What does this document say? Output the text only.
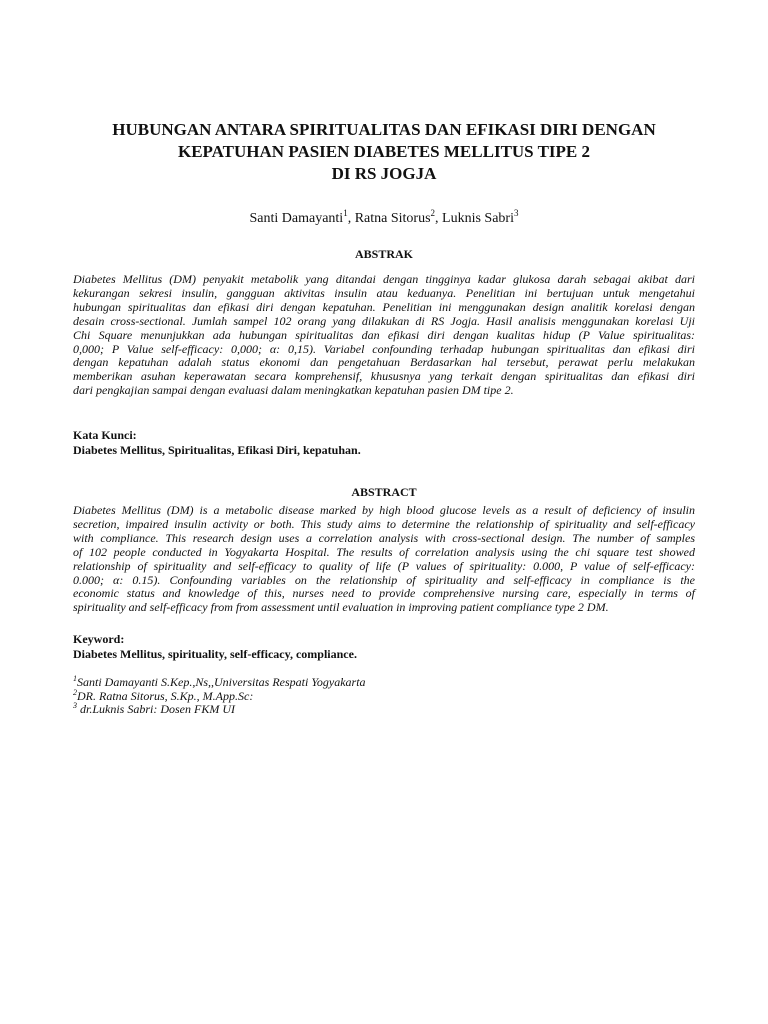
HUBUNGAN ANTARA SPIRITUALITAS DAN EFIKASI DIRI DENGAN
KEPATUHAN PASIEN DIABETES MELLITUS TIPE 2
DI RS JOGJA
Santi Damayanti$^1$, Ratna Sitorus$^2$, Luknis Sabri$^3$
ABSTRAK
Diabetes Mellitus (DM) penyakit metabolik yang ditandai dengan tingginya kadar glukosa darah sebagai akibat dari
kekurangan sekresi insulin, gangguan aktivitas insulin atau keduanya. Penelitian ini bertujuan untuk mengetahui
hubungan spiritualitas dan efikasi diri dengan kepatuhan. Penelitian ini menggunakan design analitik korelasi dengan
desain cross-sectional. Jumlah sampel 102 orang yang dilakukan di RS Jogja. Hasil analisis menggunakan korelasi Uji
Chi Square menunjukkan ada hubungan spiritualitas dan efikasi diri dengan kualitas hidup (P Value spiritualitas:
0,000; P Value self-efficacy: 0,000; α: 0,15). Variabel confounding terhadap hubungan spiritualitas dan efikasi diri
dengan kepatuhan adalah status ekonomi dan pengetahuan Berdasarkan hal tersebut, perawat perlu melakukan
memberikan asuhan keperawatan secara komprehensif, khususnya yang terkait dengan spiritualitas dan efikasi diri
dari pengkajian sampai dengan evaluasi dalam meningkatkan kepatuhan pasien DM tipe 2.
Kata Kunci:
Diabetes Mellitus, Spiritualitas, Efikasi Diri, kepatuhan.
ABSTRACT
Diabetes Mellitus (DM) is a metabolic disease marked by high blood glucose levels as a result of deficiency of insulin
secretion, impaired insulin activity or both. This study aims to determine the relationship of spirituality and self-efficacy
with compliance. This research design uses a correlation analysis with cross-sectional design. The number of samples
of 102 people conducted in Yogyakarta Hospital. The results of correlation analysis using the chi square test showed
relationship of spirituality and self-efficacy to quality of life (P values of spirituality: 0.000, P value of self-efficacy:
0.000; α: 0.15). Confounding variables on the relationship of spirituality and self-efficacy in compliance is the
economic status and knowledge of this, nurses need to provide comprehensive nursing care, especially in terms of
spirituality and self-efficacy from from assessment until evaluation in improving patient compliance type 2 DM.
Keyword:
Diabetes Mellitus, spirituality, self-efficacy, compliance.
$^1$Santi Damayanti S.Kep.,Ns,,Universitas Respati Yogyakarta
$^2$DR. Ratna Sitorus, S.Kp., M.App.Sc:
$^3$ dr.Luknis Sabri: Dosen FKM UI
